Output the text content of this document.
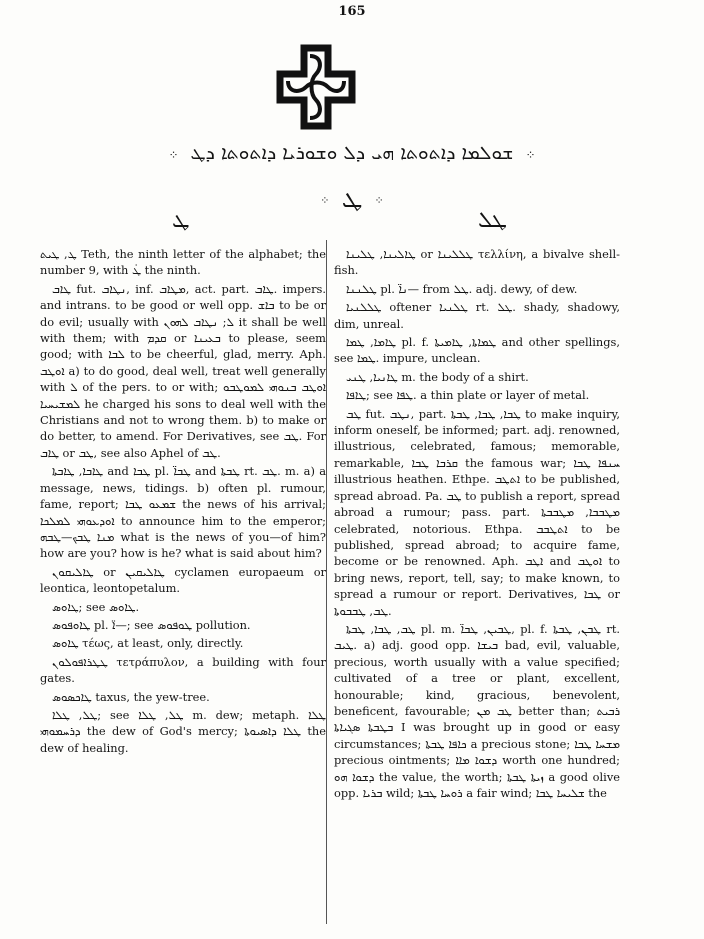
165
⁘ ܫܘܠܡܐ ܕܐܬܘܬܐ ܗܝ ܕܠ ܘܫܘܪܝܐ ܕܐܬܘܬܐ ܕܛ ⁘
⁘ ܛ ⁘
ܛ	ܛܠ

ܛ, ܛܝܬ Teth, the ninth letter of the alphabet; the number 9, with ܛ̇ the ninth.

ܛܐܒ fut. ܢܛܐܒ, inf. ܡܛܐܒ, act. part. ܛܐܒ. impers. and intrans. to be good or well opp. ܒܐܫ to be or do evil; usually with ܠ; ܢܛܐܒ ܠܗܘܢ it shall be well with them; with ܩܕܡ or ܒܥܝܢܐ to please, seem good; with ܠܒܐ to be cheerful, glad, merry. Aph. ܐܘܛܒ a) to do good, deal well, treat well generally with ܠ of the pers. to or with; ܐܘܛܒ ܒܢܘܗܝ ܠܡܘܛܒܘ ܠܡܫܝܚܝܐ he charged his sons to deal well with the Christians and not to wrong them. b) to make or do better, to amend. For Derivatives, see ܛܒ. For ܛܐܒ or ܛܒ, see also Aphel of ܛܒ.

ܛܐܒܐ, ܛܐܒܬܐ and ܛܒܐ pl. ܛܒܐ̈ and ܛܒܬܐ rt. ܛܒ. m. a) a message, news, tidings. b) often pl. rumour, fame, report; ܫܡܥܘ ܛܒܐ the news of his arrival; ܐܘܕܥܘܗܝ ܠܡܠܟܐ to announce him to the emperor; ܡܢܐ ܛܒܟ—ܛܒܗ what is the news of you—of him? how are you? how is he? what is said about him?

ܛܐܠܝܩܘܢ or ܛܐܠܝܩܝܢ cyclamen europaeum or leontica, leontopetalum.

ܛܐܘܣ; see ܛܐܘܣ.

ܛܐܘܦܘܣ pl. ܐ̈—; see ܛܘܦܘܣ pollution.

ܛܐܘܣ τέως, at least, only, directly.

ܛܛܪܐܦܘܠܘܢ τετράπυλον, a building with four gates.

ܛܐܟܣܘܣ taxus, the yew-tree.

ܛܠ, ܛܠܐ; see ܛܠ, ܛܠܐ m. dew; metaph. ܛܠܐ ܕܪܚܡܘܗܝ the dew of God's mercy; ܛܠܐ ܕܐܣܝܘܬܐ the dew of healing.

ܛܐܠܝܢܐ, ܛܠܝܢܐ or ܛܠܠܝܢܐ τελλίνη, a bivalve shell-fish.

ܛܠܢܢܐ pl. ܢܐ̈— from ܛܠ. adj. dewy, of dew.

ܛܠܠܢܝܐ oftener ܛܠܢܝܐ rt. ܛܠ. shady, shadowy, dim, unreal.

ܛܐܡܐ, ܛܡܐ pl. f. ܛܡܐܬܐ, ܛܐܡܝܬܐ and other spellings, see ܛܡܐ. impure, unclean.

ܛܐܢܝܐ, ܛܢܝ m. the body of a shirt.

ܛܐܦܐ; see ܛܦܐ. a thin plate or layer of metal.

ܛܒ fut. ܢܛܒ, part. ܛܒܐ, ܛܒܐ, ܛܒܬܐ to make inquiry, inform oneself, be informed; part. adj. renowned, illustrious, celebrated, famous; memorable, remarkable, ܩܪܒܐ ܛܒܐ the famous war; ܚܢܦܐ ܛܒܐ illustrious heathen. Ethpe. ܐܬܛܒ to be published, spread abroad. Pa. ܛܒ to publish a report, spread abroad a rumour; pass. part. ܡܛܒܒܐ, ܡܛܒܒܬܐ celebrated, notorious. Ethpa. ܐܬܛܒܒ to be published, spread abroad; to acquire fame, become or be renowned. Aph. ܐܛܒ and ܐܘܛܒ to bring news, report, tell, say; to make known, to spread a rumour or report. Derivatives, ܛܒܐ or ܛܒ, ܛܒܒܘܬܐ.

ܛܒ, ܛܒܐ, ܛܒܬܐ pl. m. ܛܒܝܢ, ܛܒܐ̈, pl. f. ܛܒܢ, ܛܒܬܐ rt. ܛܝܒ. a) adj. good opp. ܒܝܫܐ bad, evil, valuable, precious, worth usually with a value specified; cultivated of a tree or plant, excellent, honourable; kind, gracious, benevolent, beneficent, favourable; ܛܒ ܡܢ better than; ܪܒܝܬ ܒܛܒܬܐ ܣܓܝܐܬܐ I was brought up in good or easy circumstances; ܟܐܦܐ ܛܒܬܐ a precious stone; ܡܫܚܐ ܛܒܐ precious ointments; ܕܫܘܐ ܡܐܐ worth one hundred; ܕܫܘܐ ܗܘ the value, the worth; ܙܝܬܐ ܛܒܬܐ a good olive opp. ܒܪܝܐ wild; ܪܘܚܐ ܛܒܬܐ a fair wind; ܫܠܝܚܐ ܛܒܐ the
